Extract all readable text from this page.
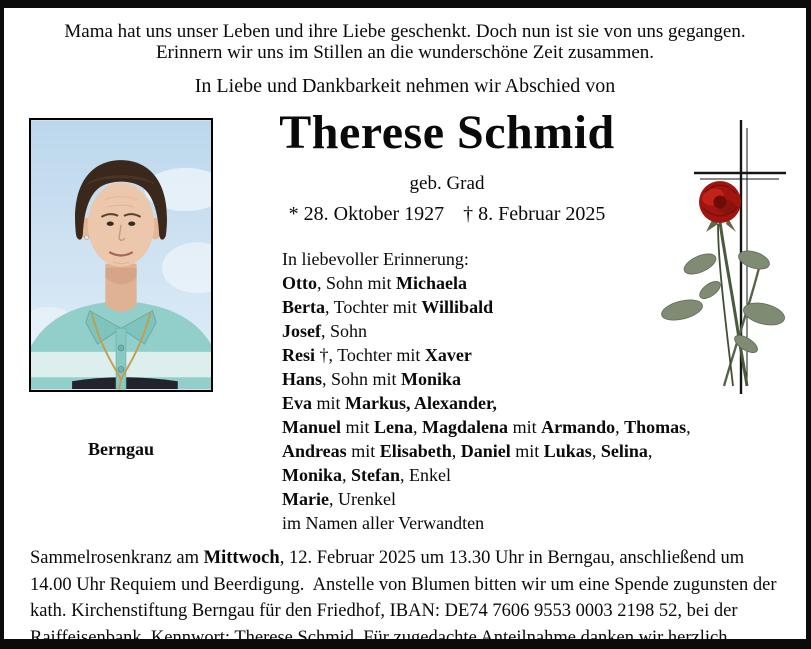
Mama hat uns unser Leben und ihre Liebe geschenkt. Doch nun ist sie von uns gegangen.
Erinnern wir uns im Stillen an die wunderschöne Zeit zusammen.
In Liebe und Dankbarkeit nehmen wir Abschied von
Berngau
Therese Schmid
geb. Grad
* 28. Oktober 1927 † 8. Februar 2025
In liebevoller Erinnerung:
Otto, Sohn mit Michaela
Berta, Tochter mit Willibald
Josef, Sohn
Resi †, Tochter mit Xaver
Hans, Sohn mit Monika
Eva mit Markus, Alexander,
Manuel mit Lena, Magdalena mit Armando, Thomas,
Andreas mit Elisabeth, Daniel mit Lukas, Selina,
Monika, Stefan, Enkel
Marie, Urenkel
im Namen aller Verwandten

Sammelrosenkranz am Mittwoch, 12. Februar 2025 um 13.30 Uhr in Berngau, anschließend um 14.00 Uhr Requiem und Beerdigung.  Anstelle von Blumen bitten wir um eine Spende zugunsten der kath. Kirchenstiftung Berngau für den Friedhof, IBAN: DE74 7606 9553 0003 2198 52, bei der Raiffeisenbank, Kennwort: Therese Schmid. Für zugedachte Anteilnahme danken wir herzlich.
